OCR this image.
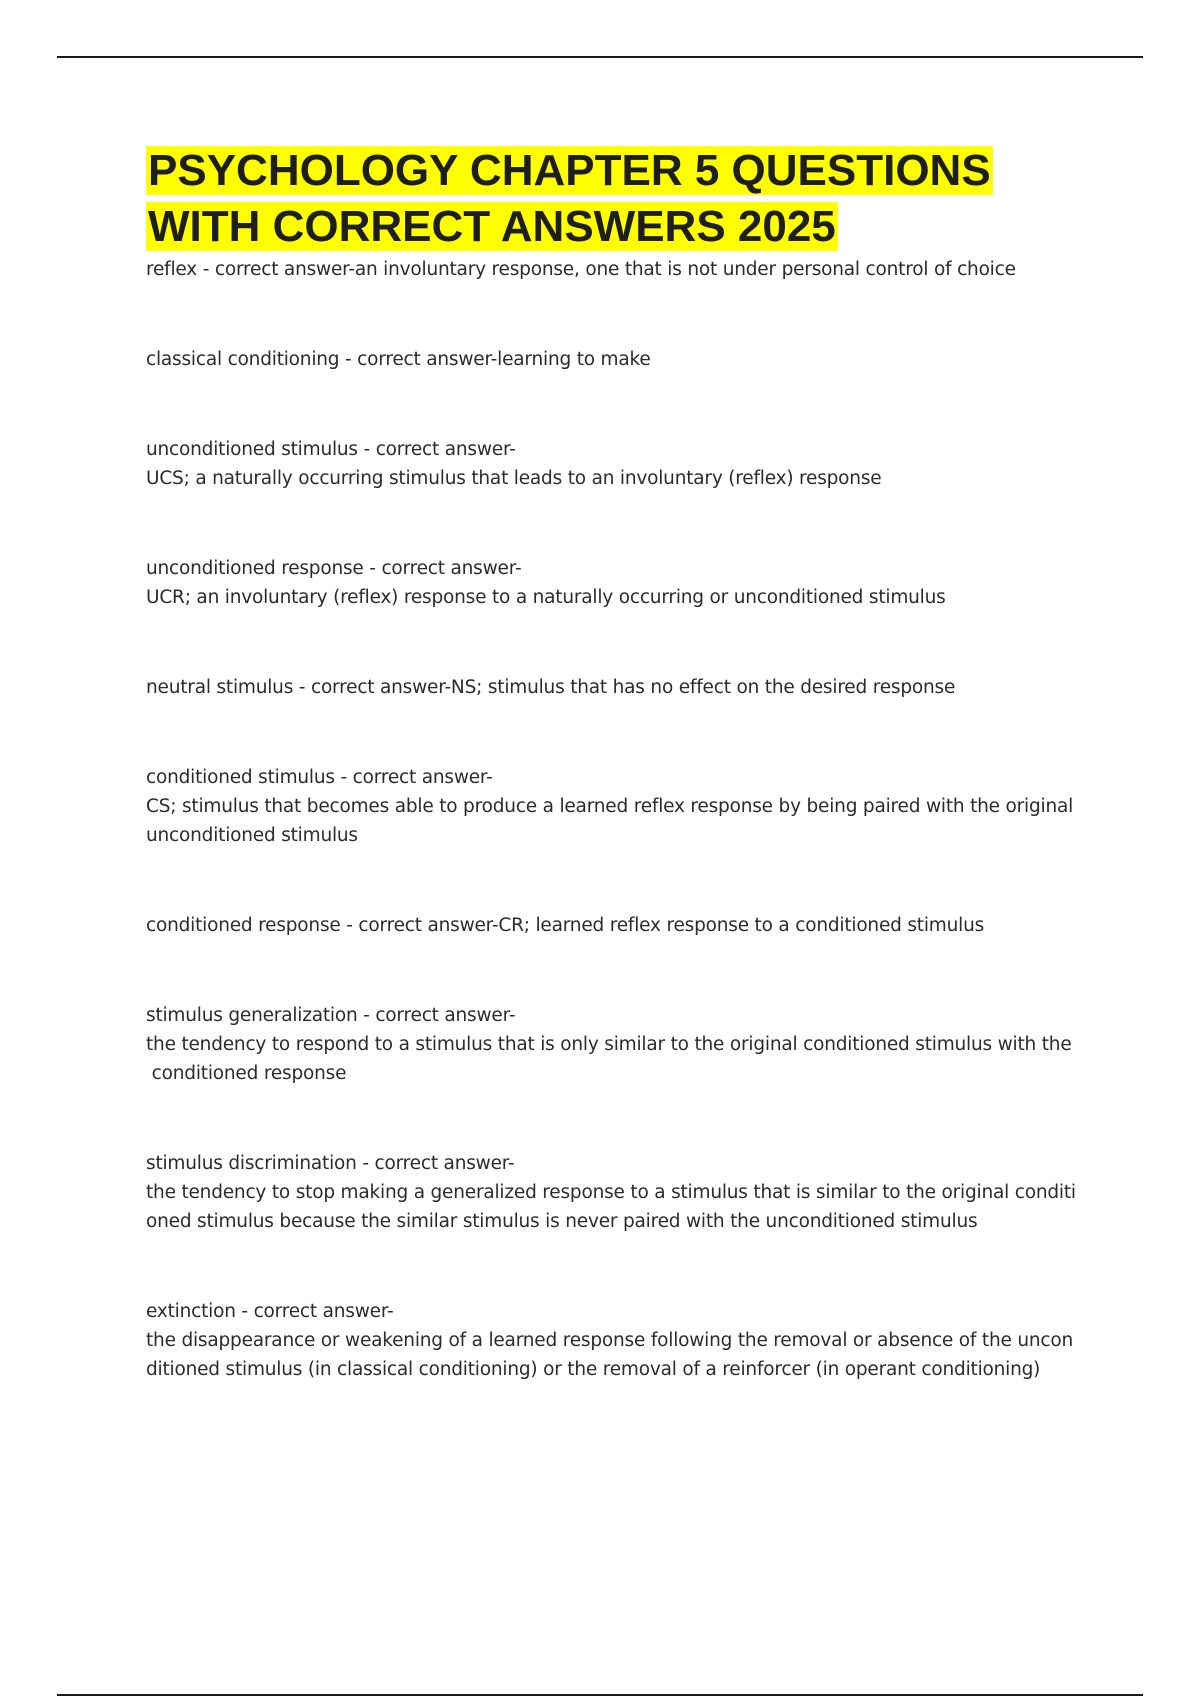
PSYCHOLOGY CHAPTER 5 QUESTIONS
WITH CORRECT ANSWERS 2025
reflex - correct answer-an involuntary response, one that is not under personal control of choice
classical conditioning - correct answer-learning to make
unconditioned stimulus - correct answer-
UCS; a naturally occurring stimulus that leads to an involuntary (reflex) response
unconditioned response - correct answer-
UCR; an involuntary (reflex) response to a naturally occurring or unconditioned stimulus
neutral stimulus - correct answer-NS; stimulus that has no effect on the desired response
conditioned stimulus - correct answer-
CS; stimulus that becomes able to produce a learned reflex response by being paired with the original
unconditioned stimulus
conditioned response - correct answer-CR; learned reflex response to a conditioned stimulus
stimulus generalization - correct answer-
the tendency to respond to a stimulus that is only similar to the original conditioned stimulus with the
conditioned response
stimulus discrimination - correct answer-
the tendency to stop making a generalized response to a stimulus that is similar to the original conditi
oned stimulus because the similar stimulus is never paired with the unconditioned stimulus
extinction - correct answer-
the disappearance or weakening of a learned response following the removal or absence of the uncon
ditioned stimulus (in classical conditioning) or the removal of a reinforcer (in operant conditioning)
